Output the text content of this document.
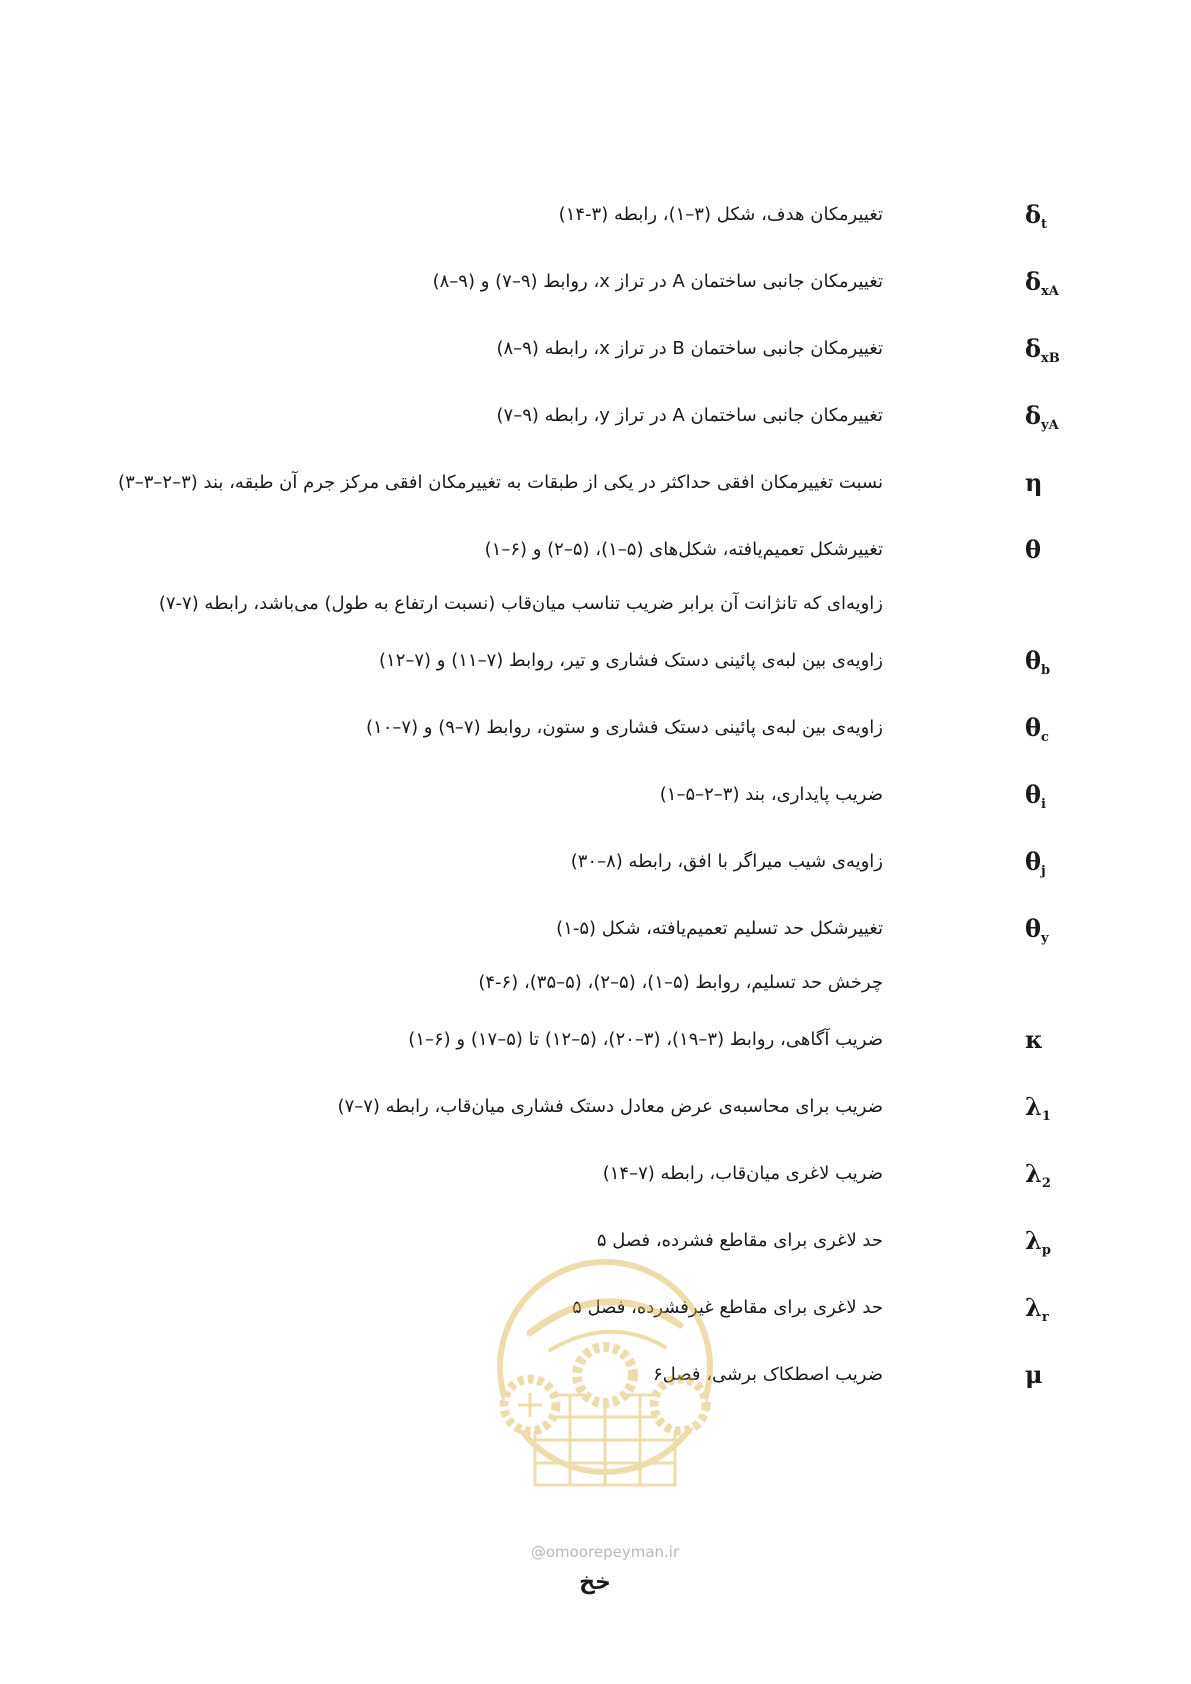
$\delta_t$
تغییرمکان هدف، شکل (۳–۱)، رابطه (۳-۱۴)
$\delta_{xA}$
تغییرمکان جانبی ساختمان A در تراز x، روابط (۹–۷) و (۹–۸)
$\delta_{xB}$
تغییرمکان جانبی ساختمان B در تراز x، رابطه (۹–۸)
$\delta_{yA}$
تغییرمکان جانبی ساختمان A در تراز y، رابطه (۹–۷)
η
نسبت تغییرمکان افقی حداکثر در یکی از طبقات به تغییرمکان افقی مرکز جرم آن طبقه، بند (۳–۲–۳–۳)
θ
تغییرشکل تعمیم‌یافته، شکل‌های (۵–۱)، (۵–۲) و (۶–۱)
زاویه‌ای که تانژانت آن برابر ضریب تناسب میان‌قاب (نسبت ارتفاع به طول) می‌باشد، رابطه (۷-۷)
$\theta_b$
زاویه‌ی بین لبه‌ی پائینی دستک فشاری و تیر، روابط (۷–۱۱) و (۷–۱۲)
$\theta_c$
زاویه‌ی بین لبه‌ی پائینی دستک فشاری و ستون، روابط (۷–۹) و (۷–۱۰)
$\theta_i$
ضریب پایداری، بند (۳–۲–۵–۱)
$\theta_j$
زاویه‌ی شیب میراگر با افق، رابطه (۸–۳۰)
$\theta_y$
تغییرشکل حد تسلیم تعمیم‌یافته، شکل (۵-۱)
چرخش حد تسلیم، روابط (۵–۱)، (۵–۲)، (۵–۳۵)، (۶-۴)
κ
ضریب آگاهی، روابط (۳–۱۹)، (۳–۲۰)، (۵–۱۲) تا (۵–۱۷) و (۶–۱)
$\lambda_1$
ضریب برای محاسبه‌ی عرض معادل دستک فشاری میان‌قاب، رابطه (۷–۷)
$\lambda_2$
ضریب لاغری میان‌قاب، رابطه (۷–۱۴)
$\lambda_p$
حد لاغری برای مقاطع فشرده، فصل ۵
$\lambda_r$
حد لاغری برای مقاطع غیرفشرده، فصل ۵
μ
ضریب اصطکاک برشی، فصل۶
@omoorepeyman.ir
خخ
